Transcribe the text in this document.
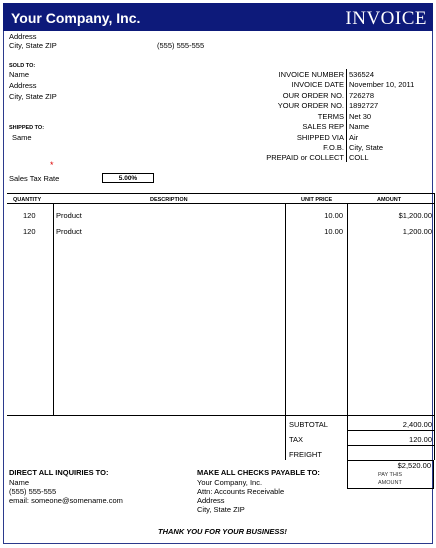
Your Company, Inc.	INVOICE
Address
City, State ZIP	(555) 555-555
SOLD TO:
Name
Address
City, State ZIP
SHIPPED TO:
Same
INVOICE NUMBER 536524
INVOICE DATE November 10, 2011
OUR ORDER NO. 726278
YOUR ORDER NO. 1892727
TERMS Net 30
SALES REP Name
SHIPPED VIA Air
F.O.B. City, State
PREPAID or COLLECT COLL
*
Sales Tax Rate	5.00%
QUANTITY	DESCRIPTION	UNIT PRICE	AMOUNT
120	Product	10.00	$1,200.00
120	Product	10.00	1,200.00
SUBTOTAL	2,400.00
TAX	120.00
FREIGHT
$2,520.00
PAY THIS
AMOUNT
DIRECT ALL INQUIRIES TO:
Name
(555) 555-555
email: someone@somename.com
MAKE ALL CHECKS PAYABLE TO:
Your Company, Inc.
Attn: Accounts Receivable
Address
City, State ZIP
THANK YOU FOR YOUR BUSINESS!
